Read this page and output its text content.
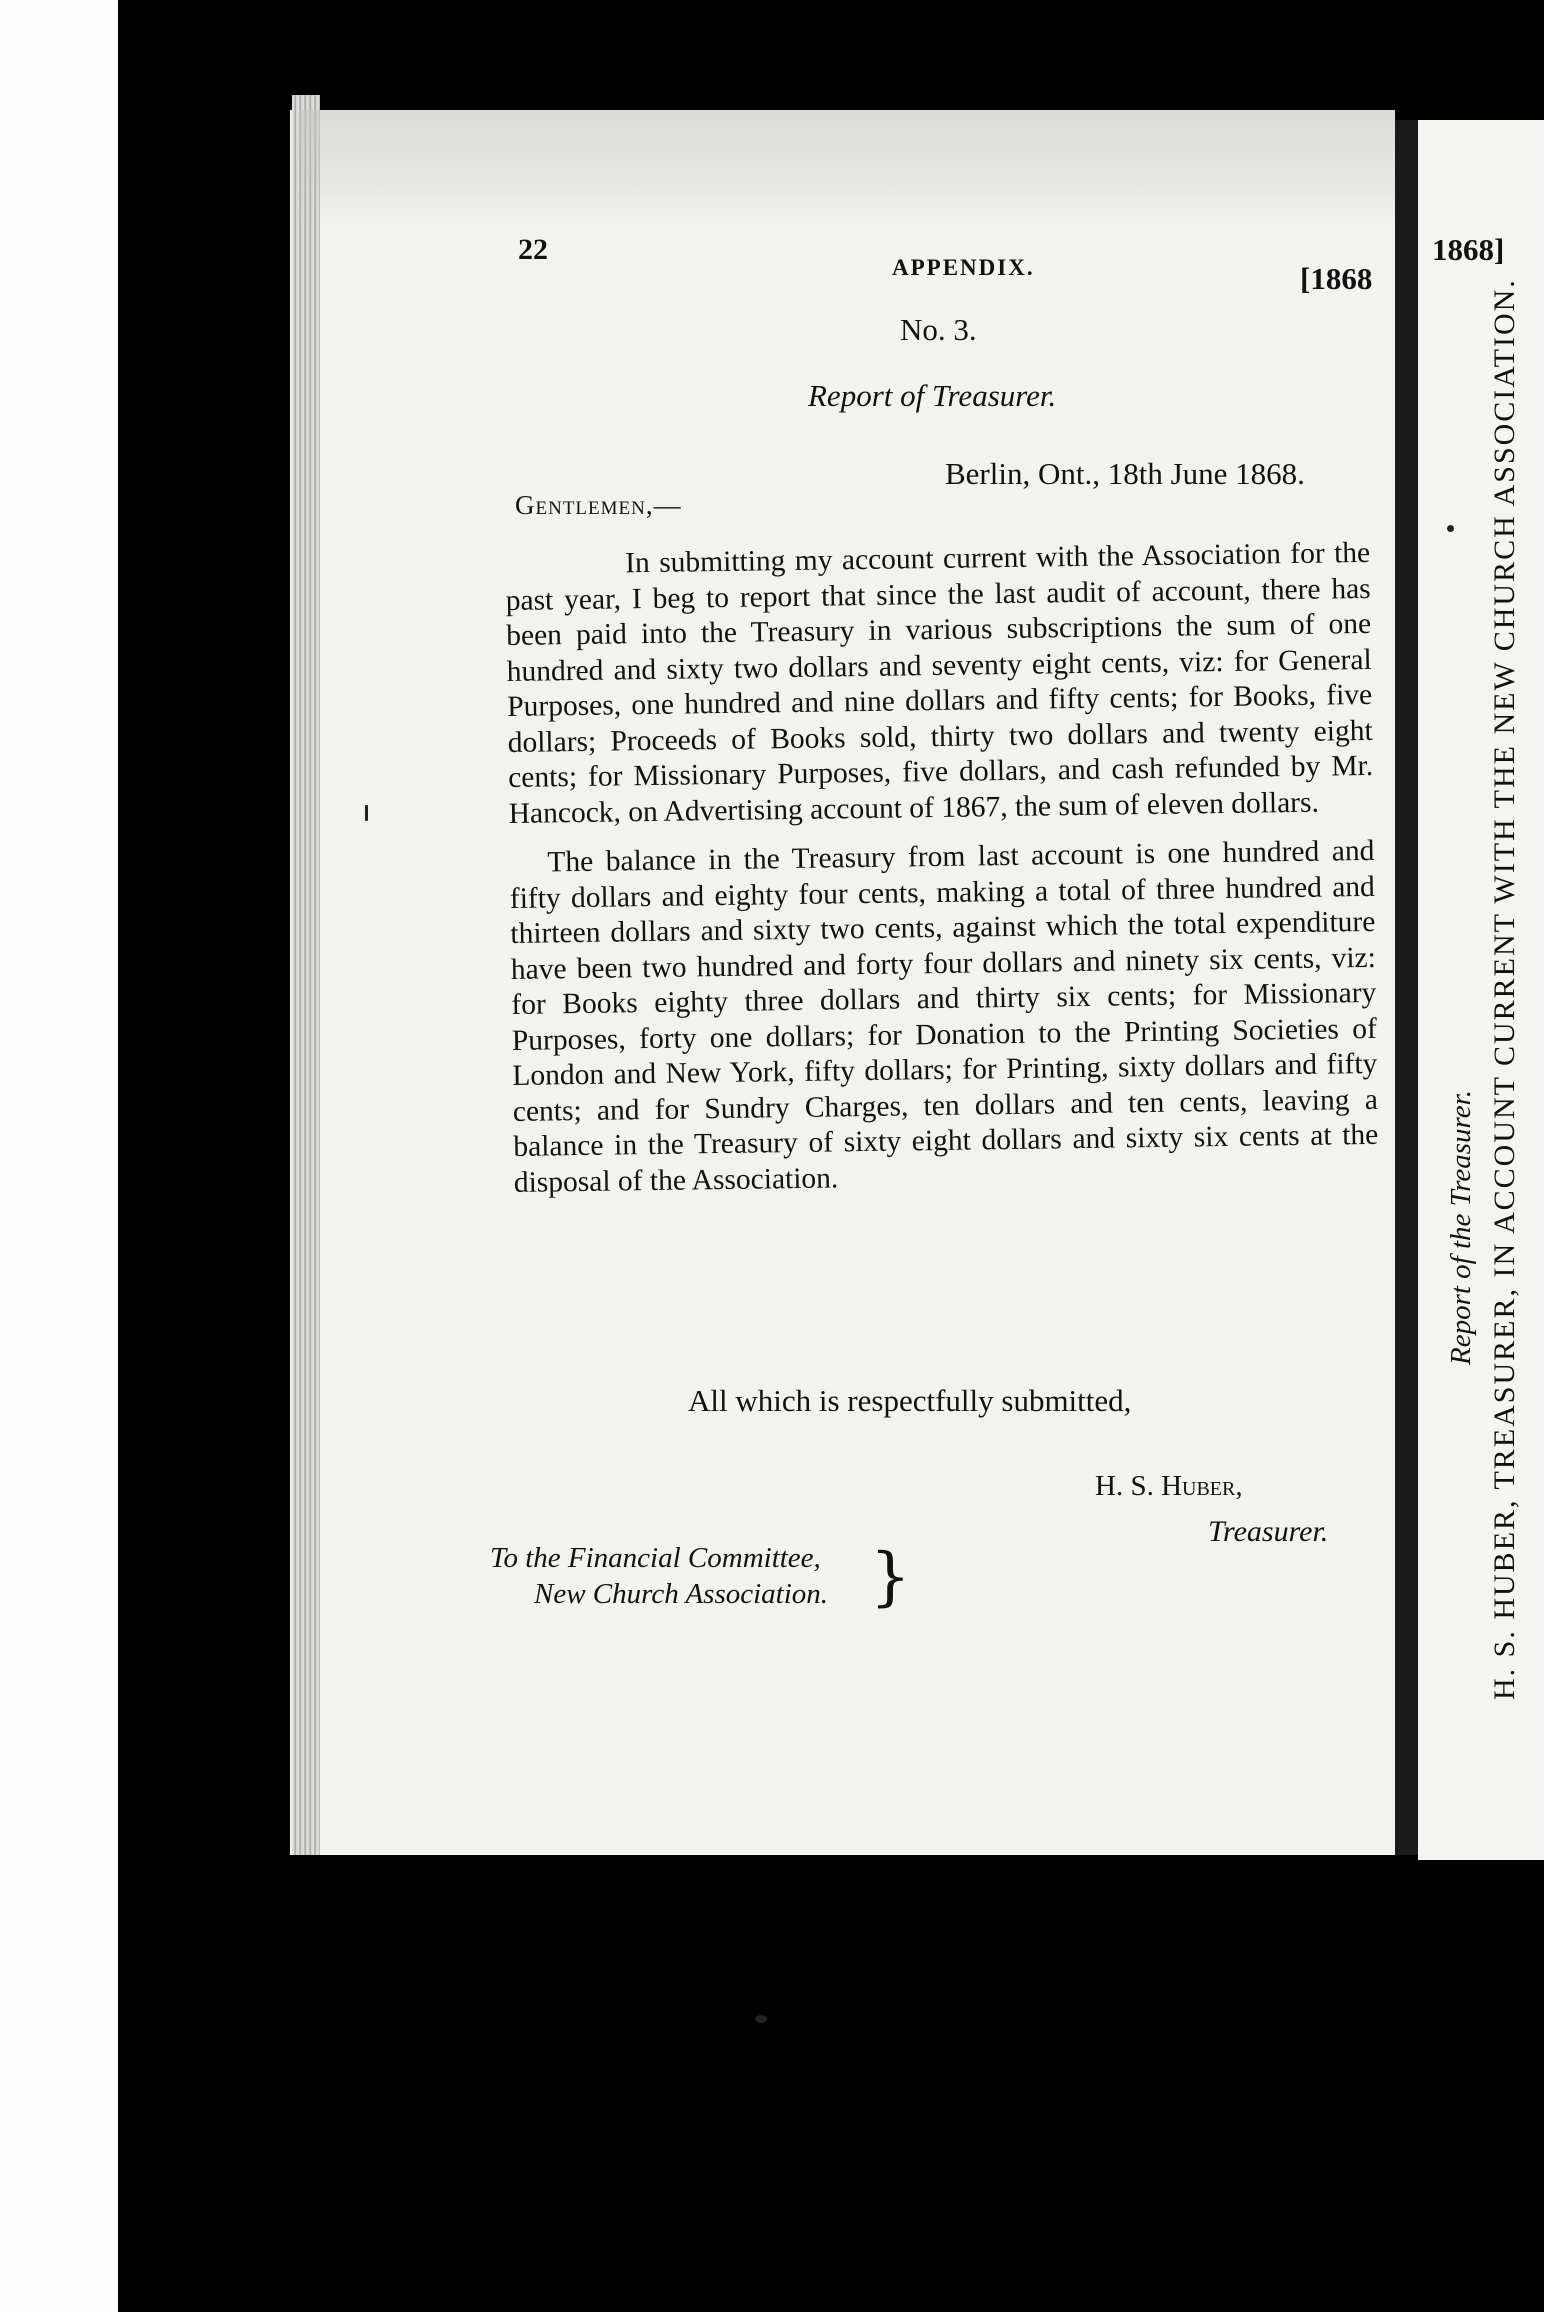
22
APPENDIX.	[1868
No. 3.
Report of Treasurer.
Berlin, Ont., 18th June 1868.
Gentlemen,—

In submitting my account current with the Association for the past year, I beg to report that since the last audit of account, there has been paid into the Treasury in various subscriptions the sum of one hundred and sixty two dollars and seventy eight cents, viz: for General Purposes, one hundred and nine dollars and fifty cents; for Books, five dollars; Proceeds of Books sold, thirty two dollars and twenty eight cents; for Missionary Purposes, five dollars, and cash refunded by Mr. Hancock, on Advertising account of 1867, the sum of eleven dollars.

The balance in the Treasury from last account is one hundred and fifty dollars and eighty four cents, making a total of three hundred and thirteen dollars and sixty two cents, against which the total expenditure have been two hundred and forty four dollars and ninety six cents, viz: for Books eighty three dollars and thirty six cents; for Missionary Purposes, forty one dollars; for Donation to the Printing Societies of London and New York, fifty dollars; for Printing, sixty dollars and fifty cents; and for Sundry Charges, ten dollars and ten cents, leaving a balance in the Treasury of sixty eight dollars and sixty six cents at the disposal of the Association.

All which is respectfully submitted,
H. S. Huber,
Treasurer.
To the Financial Committee,
New Church Association. }
1868]
H. S. HUBER, TREASURER, IN ACCOUNT CURRENT WITH THE NEW CHURCH ASSOCIATION.
Report of the Treasurer.
